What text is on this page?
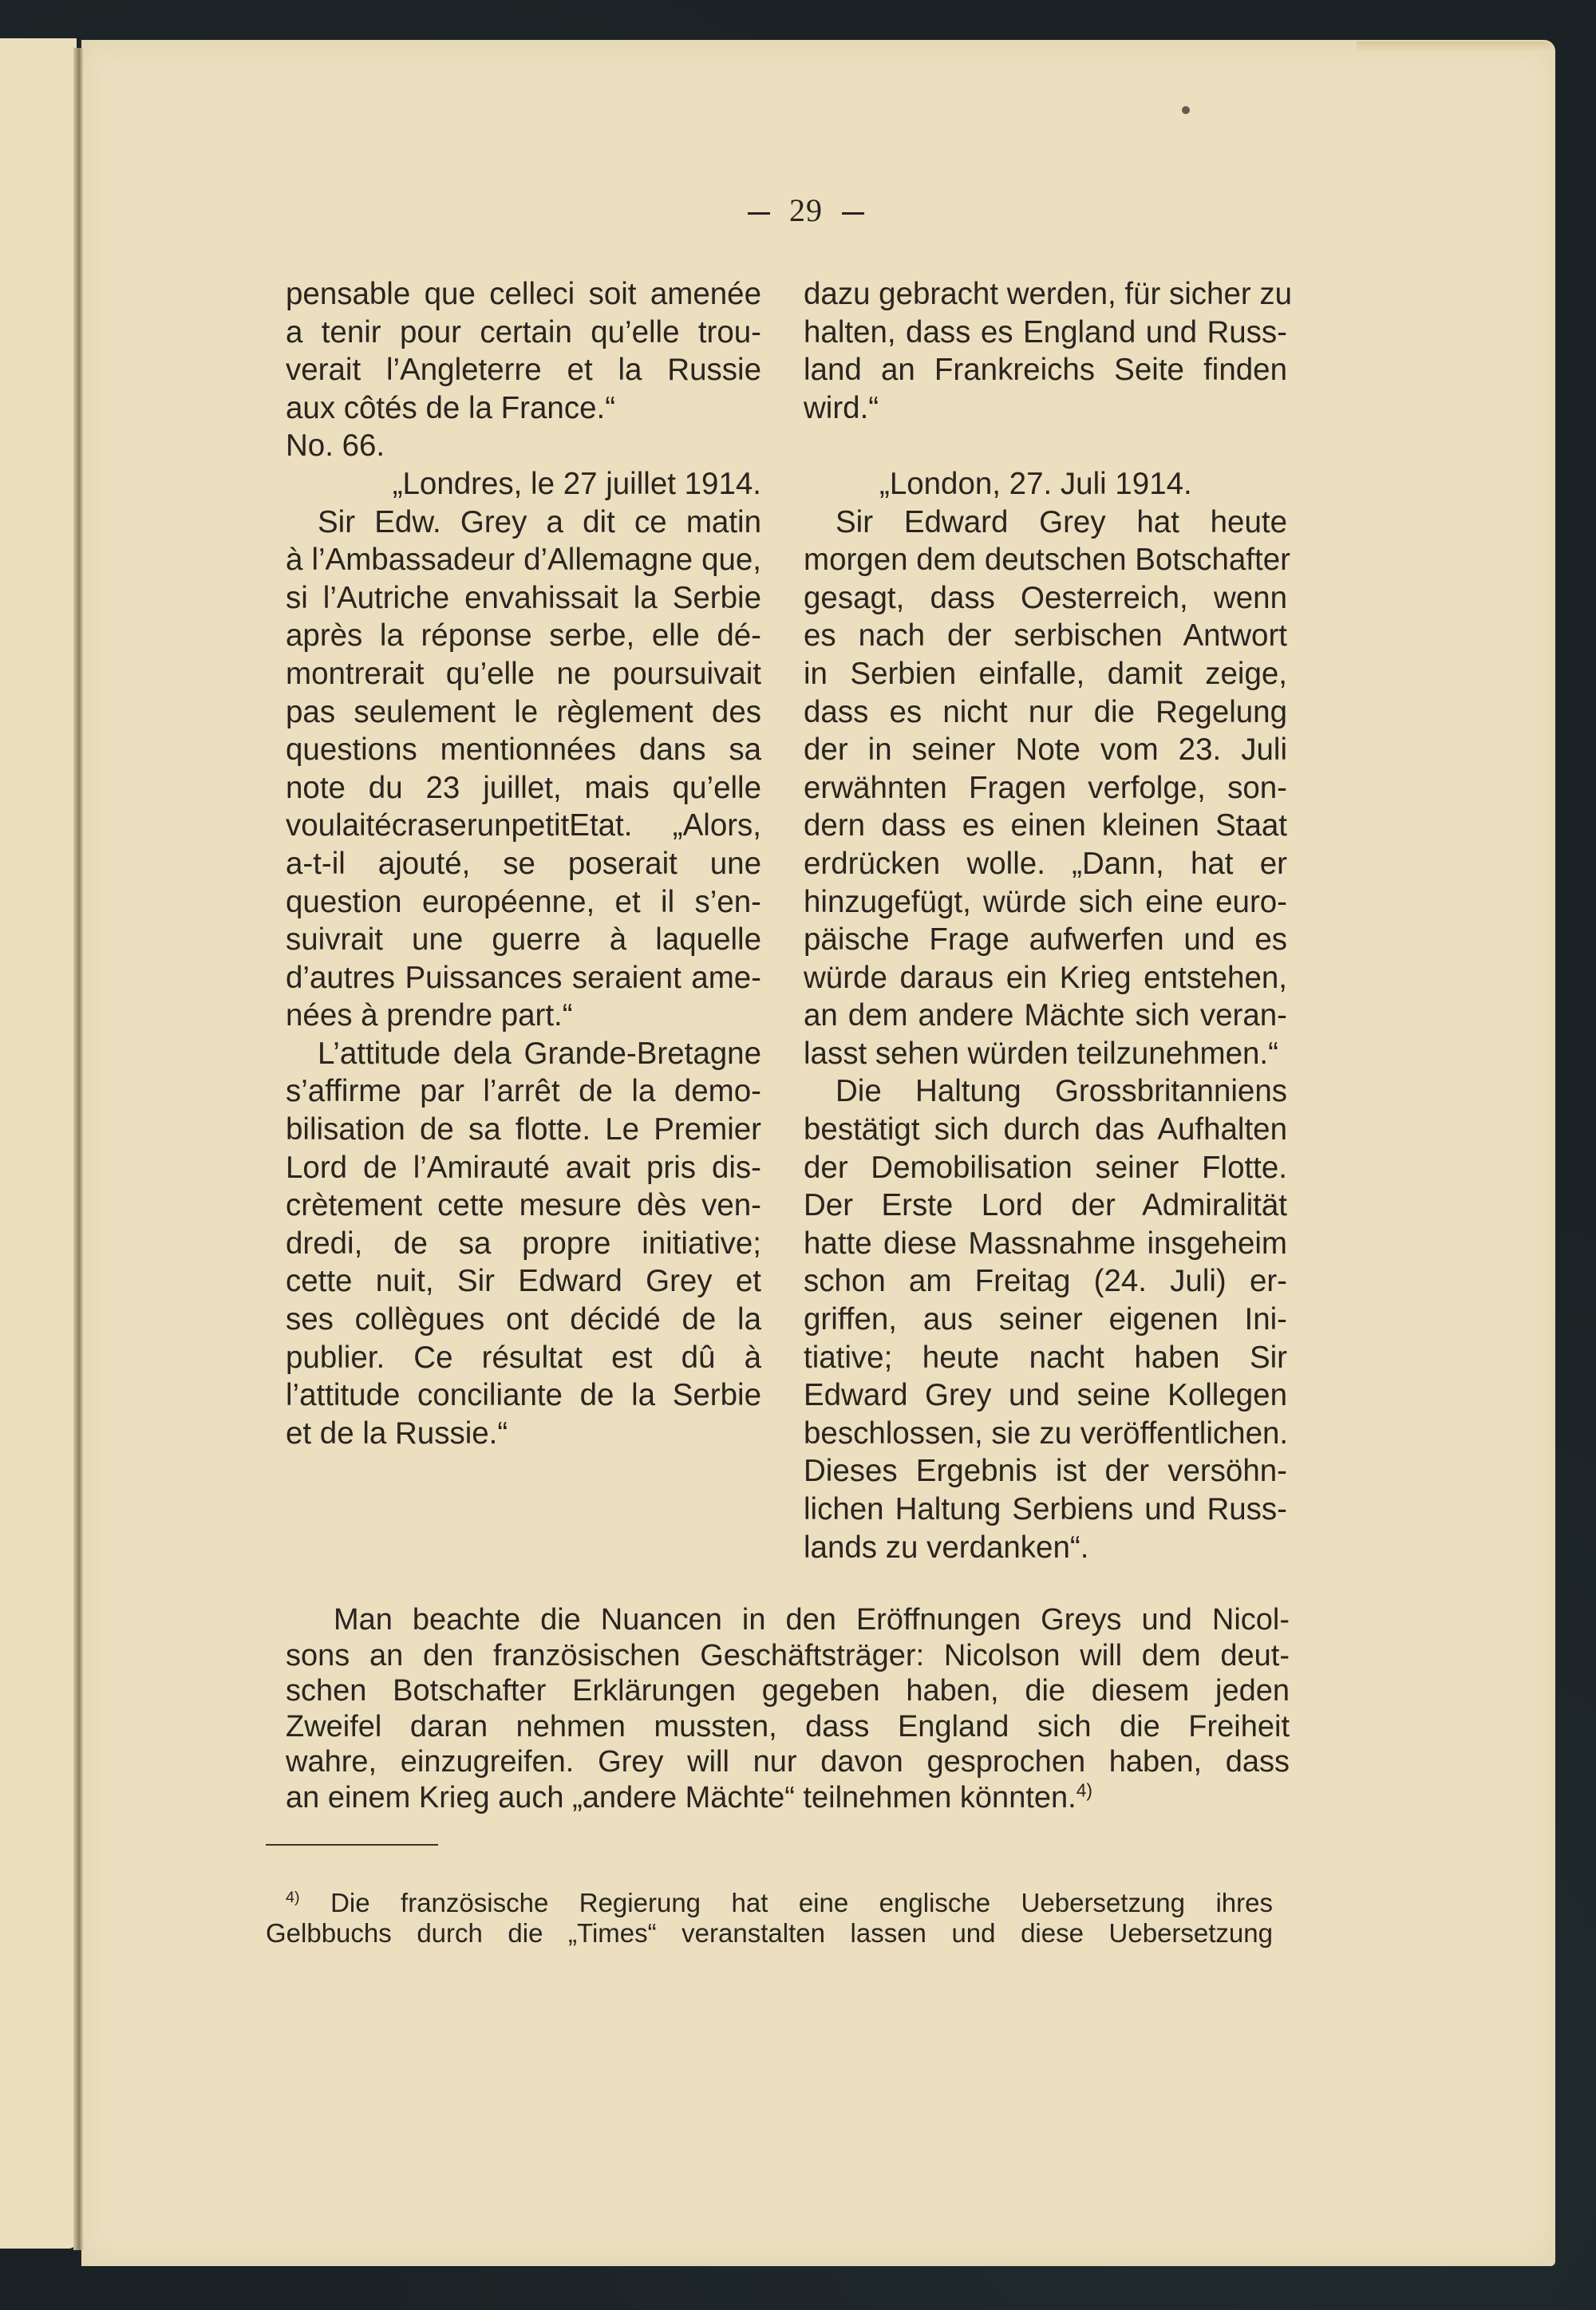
29
pensable que celleci soit amenée
a tenir pour certain qu’elle trou-
verait l’Angleterre et la Russie
aux côtés de la France.“
No. 66.
„Londres, le 27 juillet 1914.
Sir Edw. Grey a dit ce matin
à l’Ambassadeur d’Allemagne que,
si l’Autriche envahissait la Serbie
après la réponse serbe, elle dé-
montrerait qu’elle ne poursuivait
pas seulement le règlement des
questions mentionnées dans sa
note du 23 juillet, mais qu’elle
voulaitécraserunpetitEtat. „Alors,
a-t-il ajouté, se poserait une
question européenne, et il s’en-
suivrait une guerre à laquelle
d’autres Puissances seraient ame-
nées à prendre part.“
L’attitude dela Grande-Bretagne
s’affirme par l’arrêt de la demo-
bilisation de sa flotte. Le Premier
Lord de l’Amirauté avait pris dis-
crètement cette mesure dès ven-
dredi, de sa propre initiative;
cette nuit, Sir Edward Grey et
ses collègues ont décidé de la
publier. Ce résultat est dû à
l’attitude conciliante de la Serbie
et de la Russie.“
dazu gebracht werden, für sicher zu
halten, dass es England und Russ-
land an Frankreichs Seite finden
wird.“
„London, 27. Juli 1914.
Sir Edward Grey hat heute
morgen dem deutschen Botschafter
gesagt, dass Oesterreich, wenn
es nach der serbischen Antwort
in Serbien einfalle, damit zeige,
dass es nicht nur die Regelung
der in seiner Note vom 23. Juli
erwähnten Fragen verfolge, son-
dern dass es einen kleinen Staat
erdrücken wolle. „Dann, hat er
hinzugefügt, würde sich eine euro-
päische Frage aufwerfen und es
würde daraus ein Krieg entstehen,
an dem andere Mächte sich veran-
lasst sehen würden teilzunehmen.“
Die Haltung Grossbritanniens
bestätigt sich durch das Aufhalten
der Demobilisation seiner Flotte.
Der Erste Lord der Admiralität
hatte diese Massnahme insgeheim
schon am Freitag (24. Juli) er-
griffen, aus seiner eigenen Ini-
tiative; heute nacht haben Sir
Edward Grey und seine Kollegen
beschlossen, sie zu veröffentlichen.
Dieses Ergebnis ist der versöhn-
lichen Haltung Serbiens und Russ-
lands zu verdanken“.
Man beachte die Nuancen in den Eröffnungen Greys und Nicol-
sons an den französischen Geschäftsträger: Nicolson will dem deut-
schen Botschafter Erklärungen gegeben haben, die diesem jeden
Zweifel daran nehmen mussten, dass England sich die Freiheit
wahre, einzugreifen. Grey will nur davon gesprochen haben, dass
an einem Krieg auch „andere Mächte“ teilnehmen könnten.$^{4)}$
$^{4)}$ Die französische Regierung hat eine englische Uebersetzung ihres
Gelbbuchs durch die „Times“ veranstalten lassen und diese Uebersetzung
